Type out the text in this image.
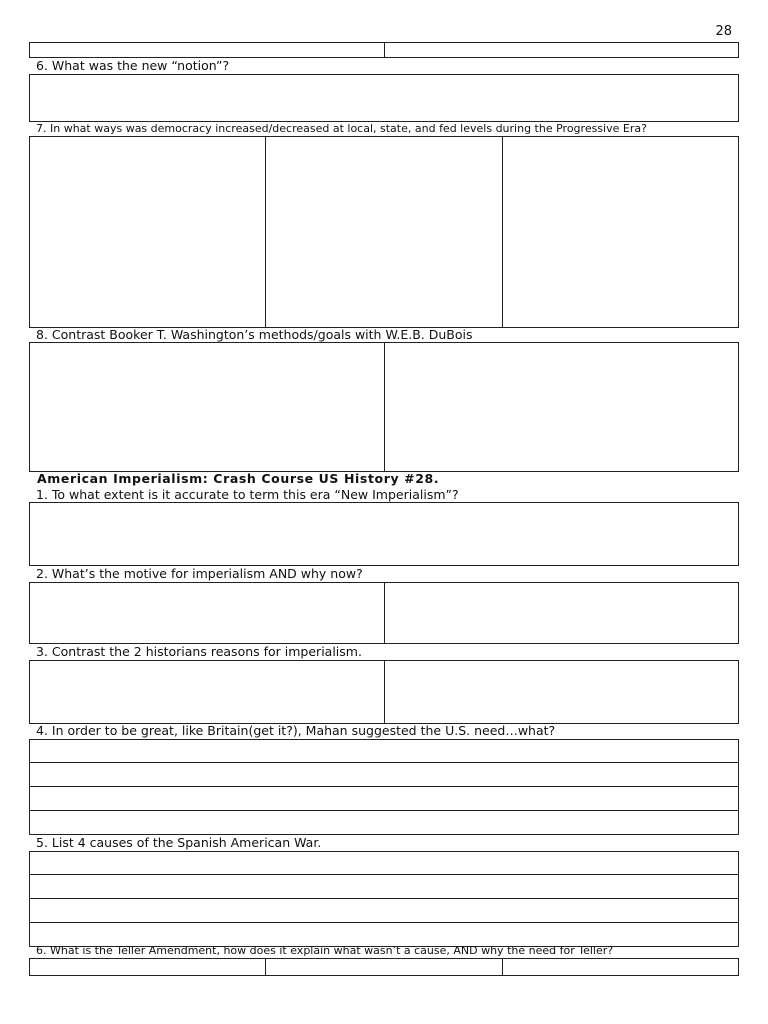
28
6. What was the new “notion”?
7. In what ways was democracy increased/decreased at local, state, and fed levels during the Progressive Era?
8. Contrast Booker T. Washington’s methods/goals with W.E.B. DuBois
American Imperialism: Crash Course US History #28.
1. To what extent is it accurate to term this era “New Imperialism”?
2. What’s the motive for imperialism AND why now?
3. Contrast the 2 historians reasons for imperialism.
4. In order to be great, like Britain(get it?), Mahan suggested the U.S. need…what?
5. List 4 causes of the Spanish American War.
6. What is the Teller Amendment, how does it explain what wasn’t a cause, AND why the need for Teller?
